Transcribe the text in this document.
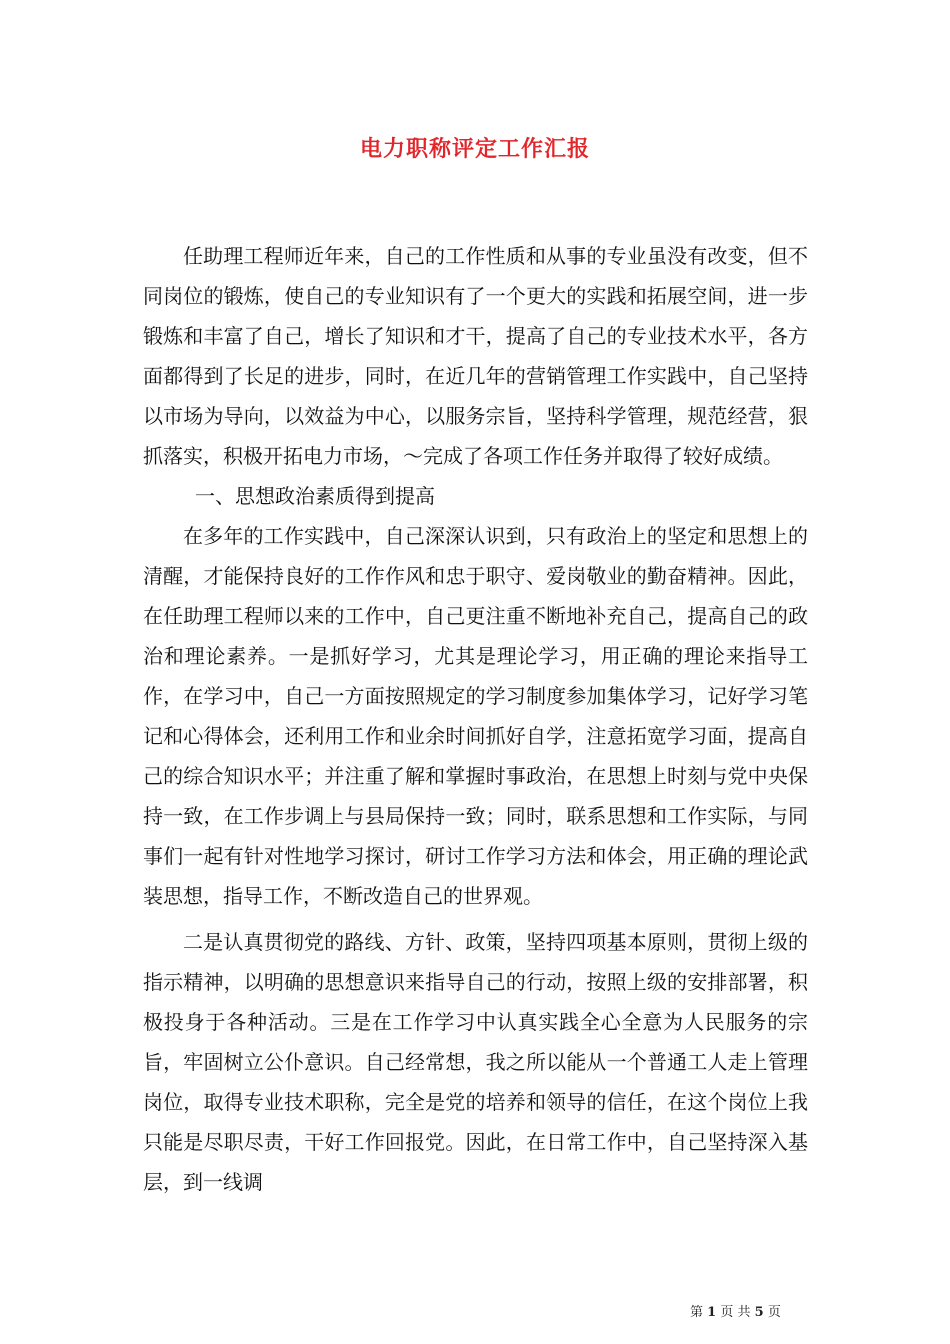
电力职称评定工作汇报

任助理工程师近年来，自己的工作性质和从事的专业虽没有改变，但不同岗位的锻炼，使自己的专业知识有了一个更大的实践和拓展空间，进一步锻炼和丰富了自己，增长了知识和才干，提高了自己的专业技术水平，各方面都得到了长足的进步，同时，在近几年的营销管理工作实践中，自己坚持以市场为导向，以效益为中心，以服务宗旨，坚持科学管理，规范经营，狠抓落实，积极开拓电力市场，～完成了各项工作任务并取得了较好成绩。

一、思想政治素质得到提高

在多年的工作实践中，自己深深认识到，只有政治上的坚定和思想上的清醒，才能保持良好的工作作风和忠于职守、爱岗敬业的勤奋精神。因此，在任助理工程师以来的工作中，自己更注重不断地补充自己，提高自己的政治和理论素养。一是抓好学习，尤其是理论学习，用正确的理论来指导工作，在学习中，自己一方面按照规定的学习制度参加集体学习，记好学习笔记和心得体会，还利用工作和业余时间抓好自学，注意拓宽学习面，提高自己的综合知识水平；并注重了解和掌握时事政治，在思想上时刻与党中央保持一致，在工作步调上与县局保持一致；同时，联系思想和工作实际，与同事们一起有针对性地学习探讨，研讨工作学习方法和体会，用正确的理论武装思想，指导工作，不断改造自己的世界观。

二是认真贯彻党的路线、方针、政策，坚持四项基本原则，贯彻上级的指示精神，以明确的思想意识来指导自己的行动，按照上级的安排部署，积极投身于各种活动。三是在工作学习中认真实践全心全意为人民服务的宗旨，牢固树立公仆意识。自己经常想，我之所以能从一个普通工人走上管理岗位，取得专业技术职称，完全是党的培养和领导的信任，在这个岗位上我只能是尽职尽责，干好工作回报党。因此，在日常工作中，自己坚持深入基层，到一线调

第 1 页 共 5 页
